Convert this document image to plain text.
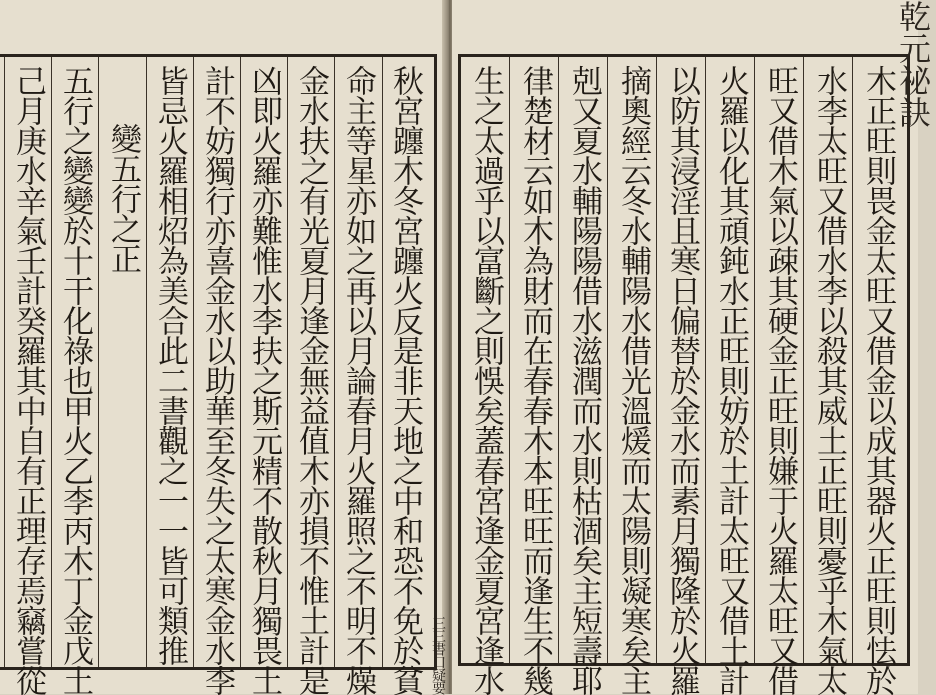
秋宮躔木冬宮躔火反是非天地之中和恐不免於貧
命主等星亦如之再以月論春月火羅照之不明不燥
金水扶之有光夏月逢金無益值木亦損不惟土計是
凶即火羅亦難惟水李扶之斯元精不散秋月獨畏土
計不妨獨行亦喜金水以助華至冬失之太寒金水李
皆忌火羅相炤為美合此二書觀之一一皆可類推
變五行之正
五行之變變於十干化祿也甲火乙李丙木丁金戊土
己月庚水辛氣壬計癸羅其中自有正理存焉竊嘗從	木正旺則畏金太旺又借金以成其器火正旺則怯於
水李太旺又借水李以殺其威土正旺則憂乎木氣太
旺又借木氣以疎其硬金正旺則嫌于火羅太旺又借
火羅以化其頑鈍水正旺則妨於土計太旺又借土計
以防其浸淫且寒日偏替於金水而素月獨隆於火羅
摘奧經云冬水輔陽水借光溫煖而太陽則凝寒矣主
剋又夏水輔陽陽借水滋潤而水則枯涸矣主短壽耶
律楚材云如木為財而在春春木本旺旺而逢生不幾
生之太過乎以富斷之則悞矣蓋春宮逢金夏宮逢水
乾元祕訣
三三書口疑要
